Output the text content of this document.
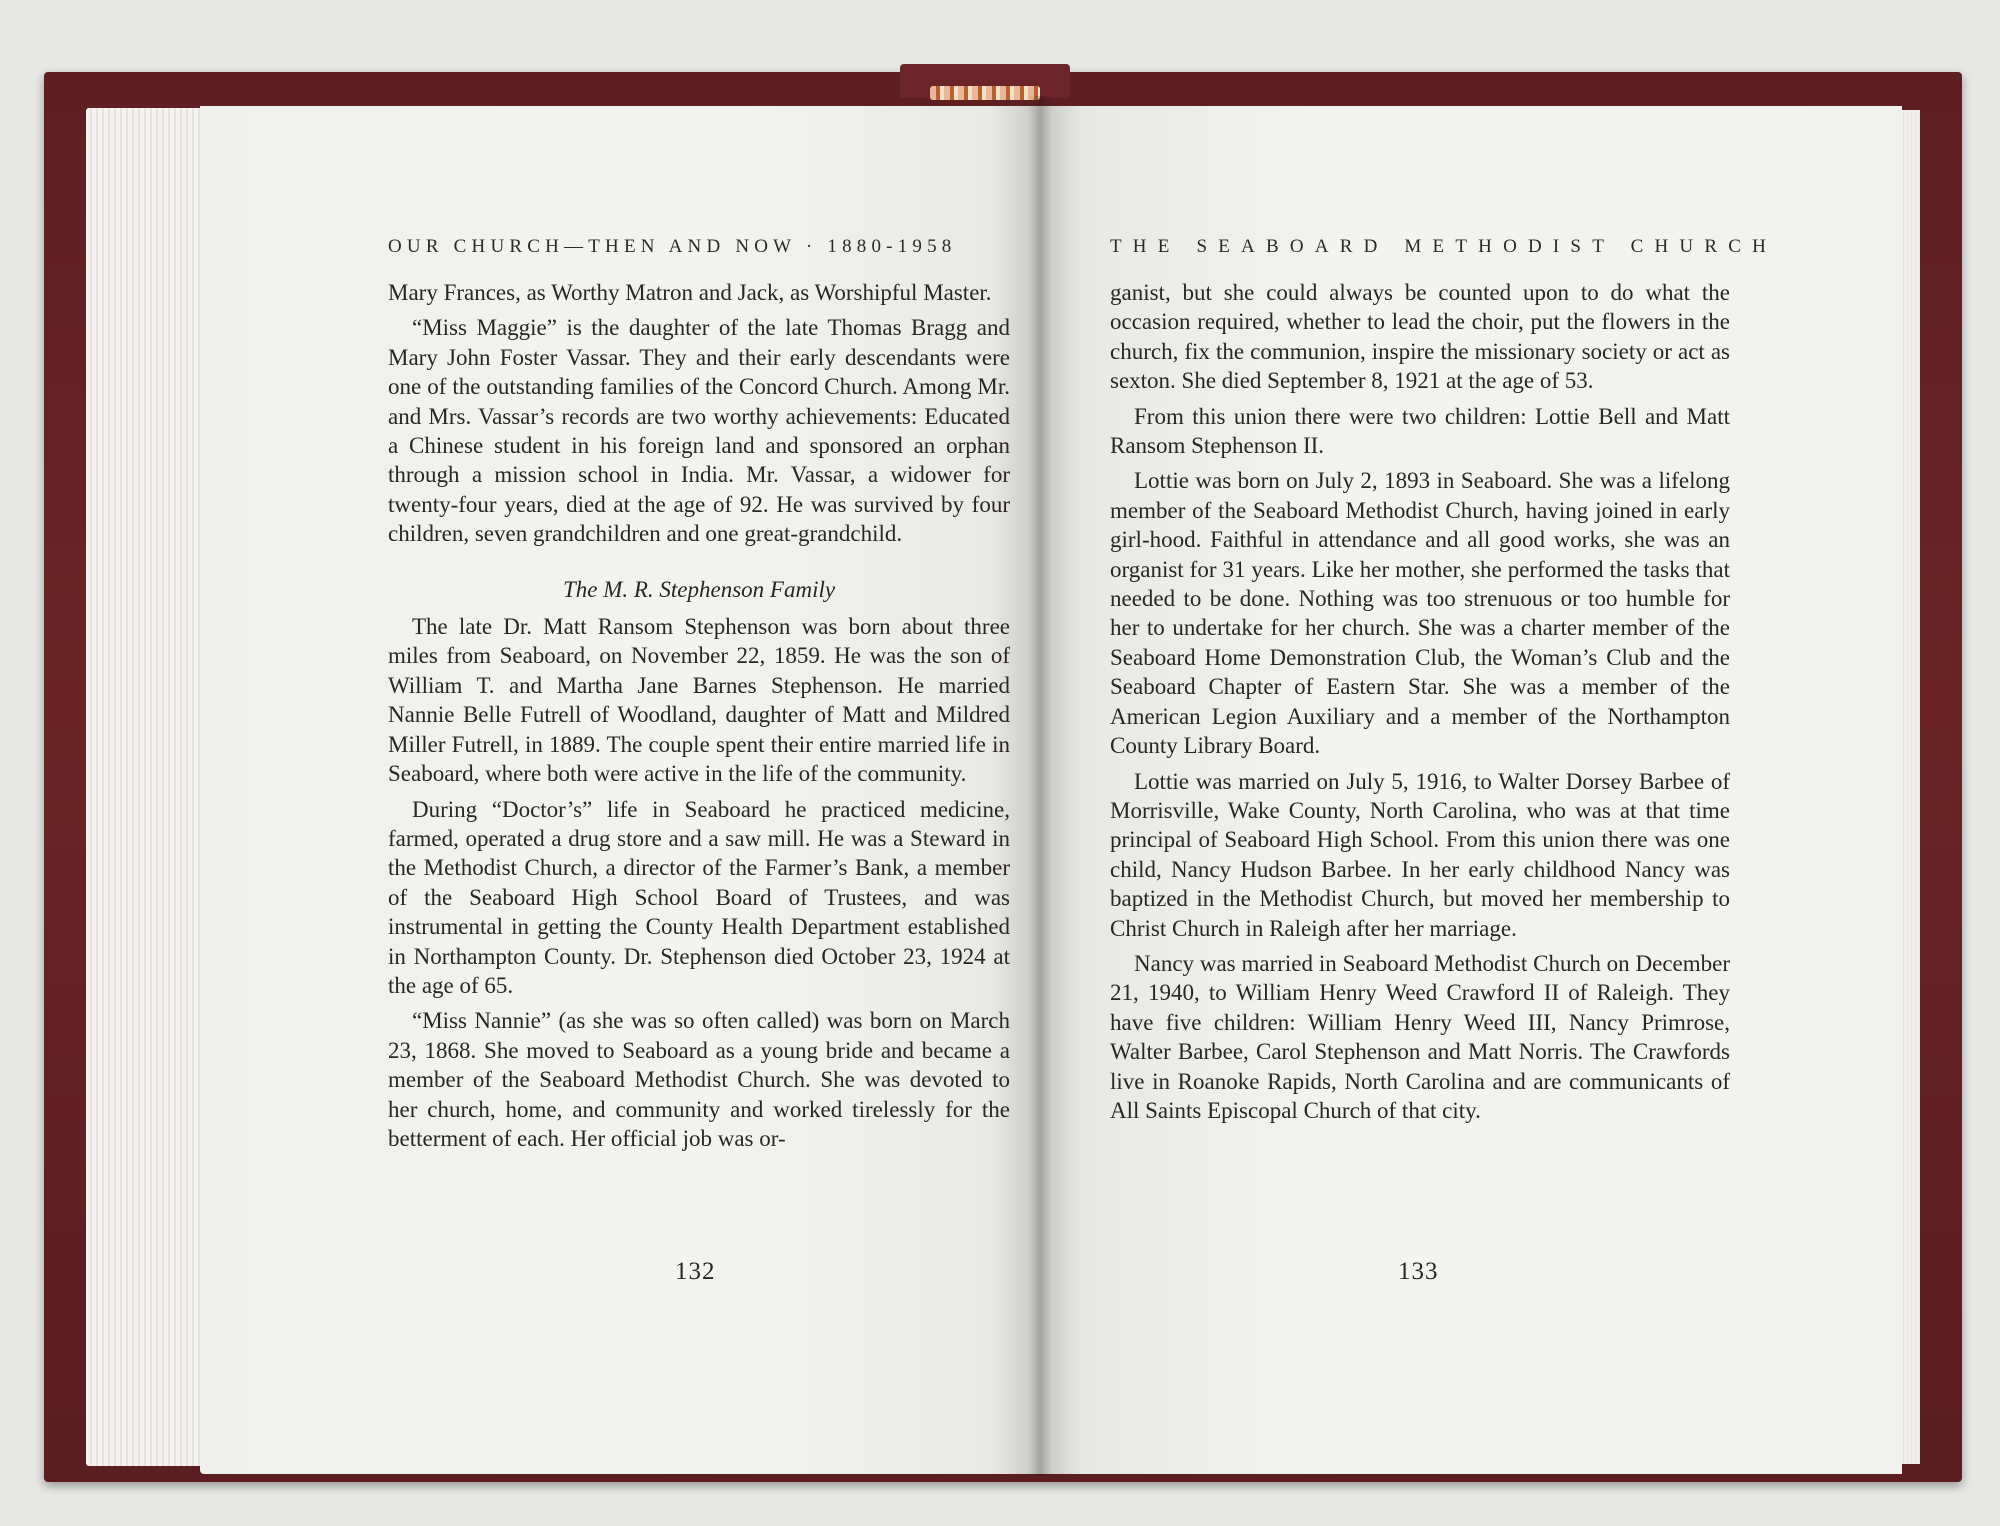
OUR CHURCH—THEN AND NOW · 1880-1958

Mary Frances, as Worthy Matron and Jack, as Worshipful Master.

“Miss Maggie” is the daughter of the late Thomas Bragg and Mary John Foster Vassar. They and their early descendants were one of the outstanding families of the Concord Church. Among Mr. and Mrs. Vassar’s records are two worthy achievements: Educated a Chinese student in his foreign land and sponsored an orphan through a mission school in India. Mr. Vassar, a widower for twenty-four years, died at the age of 92. He was survived by four children, seven grandchildren and one great-grandchild.

The M. R. Stephenson Family

The late Dr. Matt Ransom Stephenson was born about three miles from Seaboard, on November 22, 1859. He was the son of William T. and Martha Jane Barnes Stephenson. He married Nannie Belle Futrell of Woodland, daughter of Matt and Mildred Miller Futrell, in 1889. The couple spent their entire married life in Seaboard, where both were active in the life of the community.

During “Doctor’s” life in Seaboard he practiced medicine, farmed, operated a drug store and a saw mill. He was a Steward in the Methodist Church, a director of the Farmer’s Bank, a member of the Seaboard High School Board of Trustees, and was instrumental in getting the County Health Department established in Northampton County. Dr. Stephenson died October 23, 1924 at the age of 65.

“Miss Nannie” (as she was so often called) was born on March 23, 1868. She moved to Seaboard as a young bride and became a member of the Seaboard Methodist Church. She was devoted to her church, home, and community and worked tirelessly for the betterment of each. Her official job was or-

132
THE SEABOARD METHODIST CHURCH

ganist, but she could always be counted upon to do what the occasion required, whether to lead the choir, put the flowers in the church, fix the communion, inspire the missionary society or act as sexton. She died September 8, 1921 at the age of 53.

From this union there were two children: Lottie Bell and Matt Ransom Stephenson II.

Lottie was born on July 2, 1893 in Seaboard. She was a lifelong member of the Seaboard Methodist Church, having joined in early girl-hood. Faithful in attendance and all good works, she was an organist for 31 years. Like her mother, she performed the tasks that needed to be done. Nothing was too strenuous or too humble for her to undertake for her church. She was a charter member of the Seaboard Home Demonstration Club, the Woman’s Club and the Seaboard Chapter of Eastern Star. She was a member of the American Legion Auxiliary and a member of the Northampton County Library Board.

Lottie was married on July 5, 1916, to Walter Dorsey Barbee of Morrisville, Wake County, North Carolina, who was at that time principal of Seaboard High School. From this union there was one child, Nancy Hudson Barbee. In her early childhood Nancy was baptized in the Methodist Church, but moved her membership to Christ Church in Raleigh after her marriage.

Nancy was married in Seaboard Methodist Church on December 21, 1940, to William Henry Weed Crawford II of Raleigh. They have five children: William Henry Weed III, Nancy Primrose, Walter Barbee, Carol Stephenson and Matt Norris. The Crawfords live in Roanoke Rapids, North Carolina and are communicants of All Saints Episcopal Church of that city.

133
